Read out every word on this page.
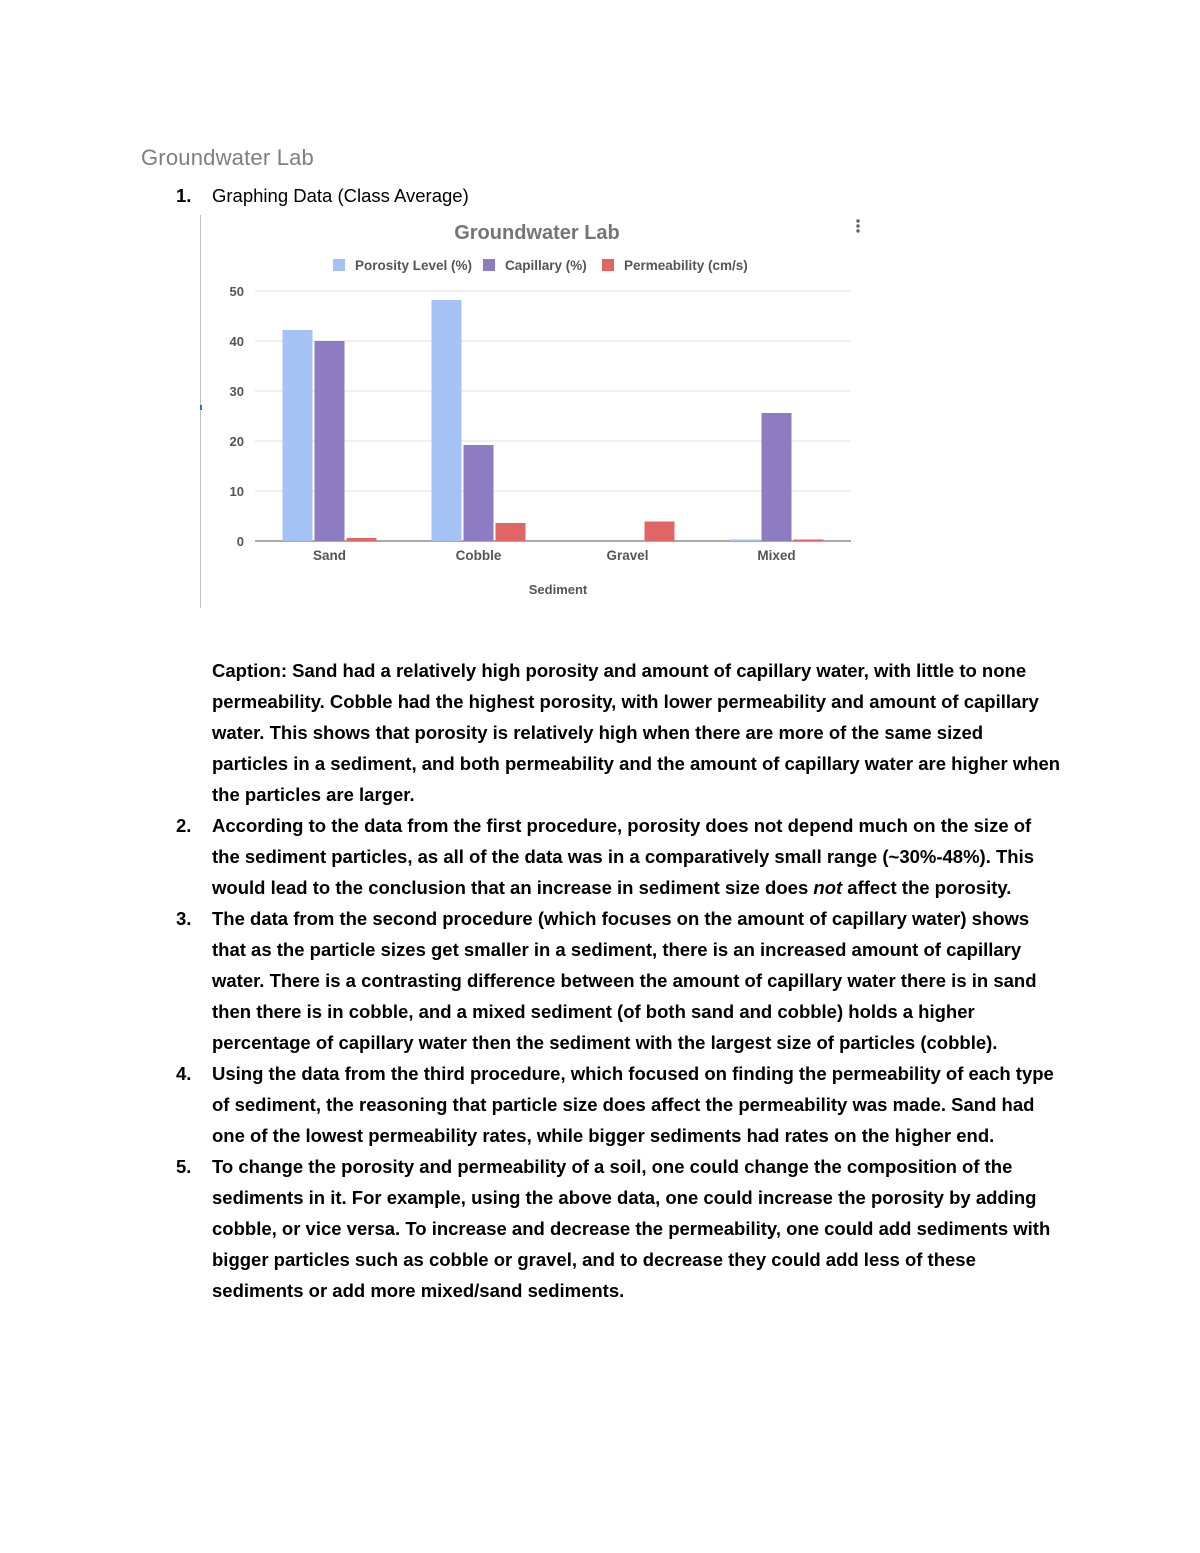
Groundwater Lab
1. Graphing Data (Class Average)
Groundwater Lab
Porosity Level (%) Capillary (%)	Permeability (cm/s)
0
10
20
30
40
50
Sand	Cobble	Gravel	Mixed
Sediment
Caption: Sand had a relatively high porosity and amount of capillary water, with little to none permeability. Cobble had the highest porosity, with lower permeability and amount of capillary water. This shows that porosity is relatively high when there are more of the same sized particles in a sediment, and both permeability and the amount of capillary water are higher when the particles are larger.
2. According to the data from the first procedure, porosity does not depend much on the size of the sediment particles, as all of the data was in a comparatively small range (~30%-48%). This would lead to the conclusion that an increase in sediment size does not affect the porosity.
3. The data from the second procedure (which focuses on the amount of capillary water) shows that as the particle sizes get smaller in a sediment, there is an increased amount of capillary water. There is a contrasting difference between the amount of capillary water there is in sand then there is in cobble, and a mixed sediment (of both sand and cobble) holds a higher percentage of capillary water then the sediment with the largest size of particles (cobble).
4. Using the data from the third procedure, which focused on finding the permeability of each type of sediment, the reasoning that particle size does affect the permeability was made. Sand had one of the lowest permeability rates, while bigger sediments had rates on the higher end.
5. To change the porosity and permeability of a soil, one could change the composition of the sediments in it. For example, using the above data, one could increase the porosity by adding cobble, or vice versa. To increase and decrease the permeability, one could add sediments with bigger particles such as cobble or gravel, and to decrease they could add less of these sediments or add more mixed/sand sediments.
